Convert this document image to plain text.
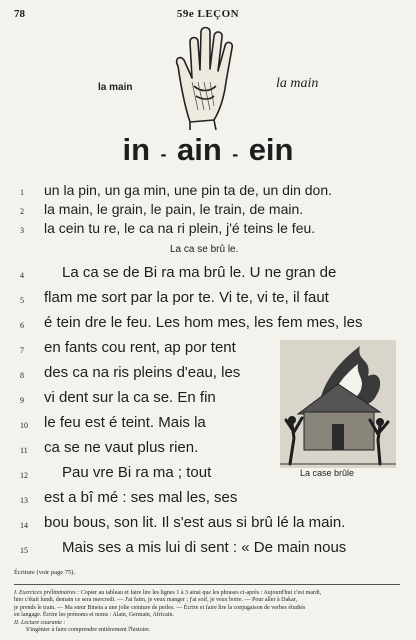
78	59e LEÇON
la main	la main
in - ain - ein
1 un la pin, un ga min, une pin ta de, un din don.
2 la main, le grain, le pain, le train, de main.
3 la cein tu re, le ca na ri plein, j'é teins le feu.
La ca se brû le.
4	La ca se de Bi ra ma brû le. U ne gran de
5 flam me sort par la por te. Vi te, vi te, il faut
6 é tein dre le feu. Les hom mes, les fem mes, les
7 en fants cou rent, ap por tent
8 des ca na ris pleins d'eau, les
9 vi dent sur la ca se. En fin
10 le feu est é teint. Mais la
11 ca se ne vaut plus rien.
12 Pau vre Bi ra ma ; tout
13 est a bî mé : ses mal les, ses
14 bou bous, son lit. Il s'est aus si brû lé la main.
15 Mais ses a mis lui di sent : « De main nous
La case brûle
Écriture (voir page 75).
I. Exercices préliminaires : Copier au tableau et faire lire les lignes 1 à 3 ainsi que les phrases ci-après : Aujourd'hui c'est mardi,
hier c'était lundi, demain ce sera mercredi. — J'ai faim, je veux manger ; j'ai soif, je veux boire. — Pour aller à Dakar,
je prends le train. — Ma sœur Bineta a une jolie ceinture de perles. — Écrire et faire lire la conjugaison de verbes étudiés
en langage. Écrire les prénoms et noms : Alain, Germain, Africain.
II. Lecture courante :
S'ingénier à faire comprendre entièrement l'histoire.
